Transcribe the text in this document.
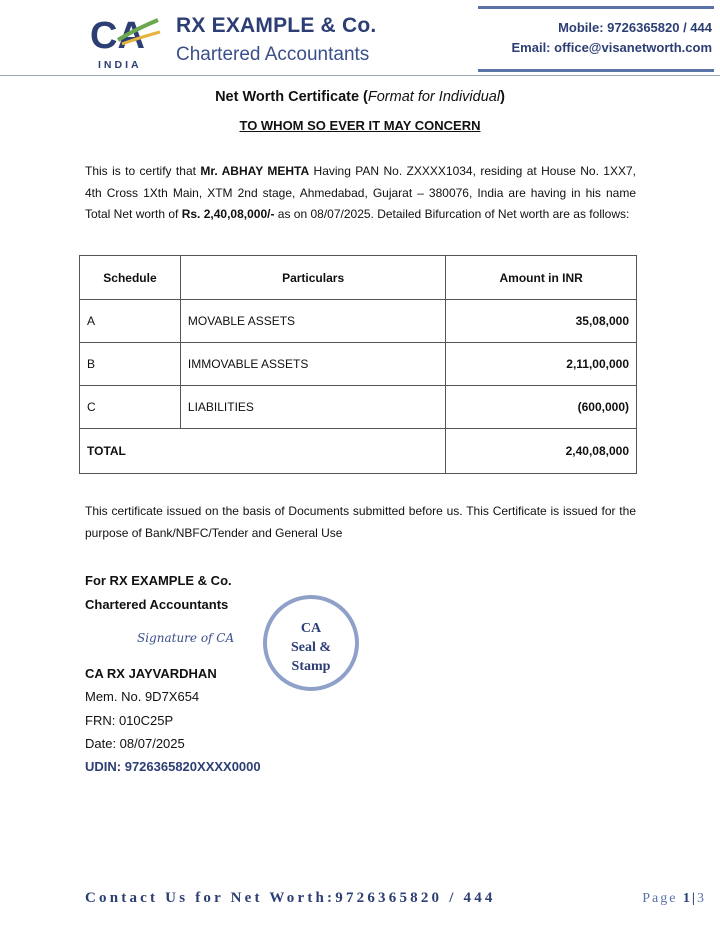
CA
INDIA
RX EXAMPLE & Co.
Chartered Accountants
Mobile: 9726365820 / 444
Email: office@visanetworth.com
Net Worth Certificate (Format for Individual)
TO WHOM SO EVER IT MAY CONCERN
This is to certify that Mr. ABHAY MEHTA Having PAN No. ZXXXX1034, residing at House No. 1XX7, 4th Cross 1Xth Main, XTM 2nd stage, Ahmedabad, Gujarat – 380076, India are having in his name Total Net worth of Rs. 2,40,08,000/- as on 08/07/2025. Detailed Bifurcation of Net worth are as follows:
Schedule	Particulars	Amount in INR
A	MOVABLE ASSETS	35,08,000
B	IMMOVABLE ASSETS	2,11,00,000
C	LIABILITIES	(600,000)
TOTAL		2,40,08,000
This certificate issued on the basis of Documents submitted before us. This Certificate is issued for the purpose of Bank/NBFC/Tender and General Use
For RX EXAMPLE & Co.
Chartered Accountants
Signature of CA
CA RX JAYVARDHAN
Mem. No. 9D7X654
FRN: 010C25P
Date: 08/07/2025
UDIN: 9726365820XXXX0000
CA
Seal &
Stamp
Contact Us for Net Worth:9726365820 / 444	Page 1|3
